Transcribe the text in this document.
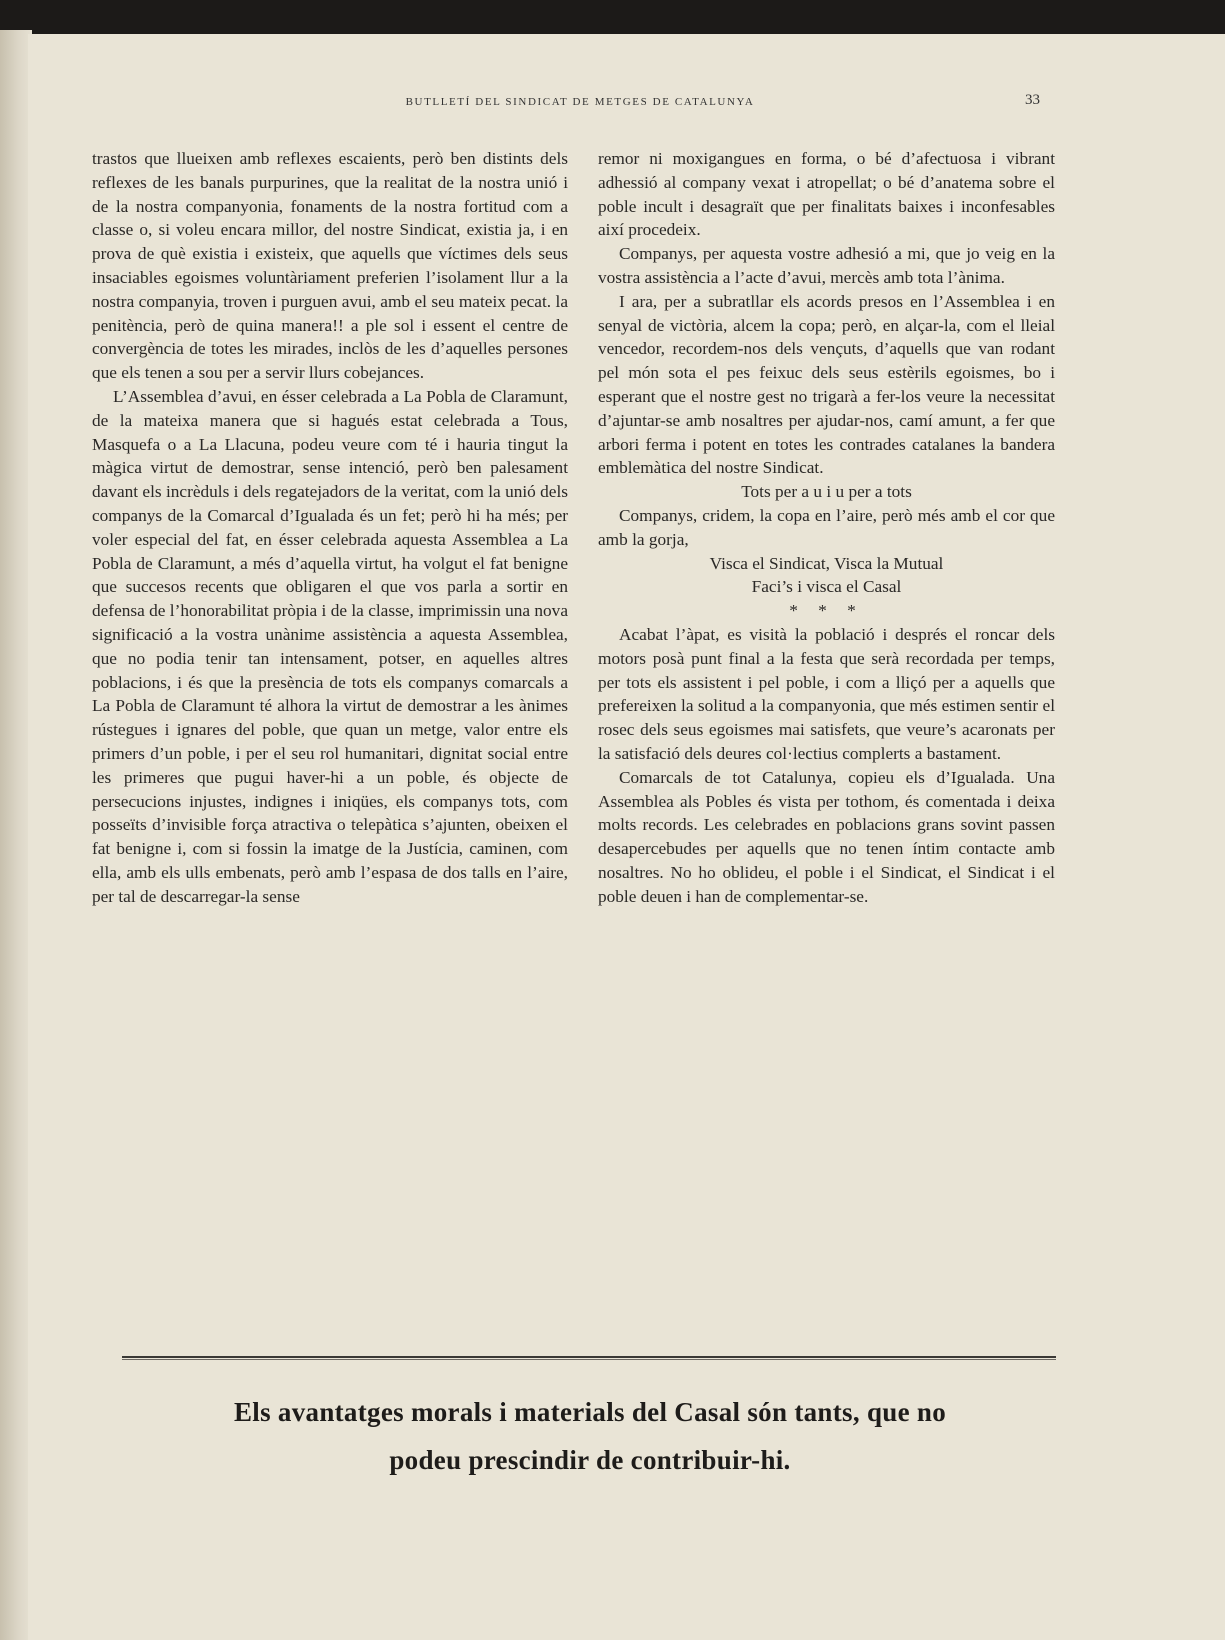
BUTLLETÍ DEL SINDICAT DE METGES DE CATALUNYA	33

trastos que llueixen amb reflexes escaients, però ben distints dels reflexes de les banals purpurines, que la realitat de la nostra unió i de la nostra companyonia, fonaments de la nostra fortitud com a classe o, si voleu encara millor, del nostre Sindicat, existia ja, i en prova de què existia i existeix, que aquells que víctimes dels seus insaciables egoismes voluntàriament preferien l’isolament llur a la nostra companyia, troven i purguen avui, amb el seu mateix pecat. la penitència, però de quina manera!! a ple sol i essent el centre de convergència de totes les mirades, inclòs de les d’aquelles persones que els tenen a sou per a servir llurs cobejances.

L’Assemblea d’avui, en ésser celebrada a La Pobla de Claramunt, de la mateixa manera que si hagués estat celebrada a Tous, Masquefa o a La Llacuna, podeu veure com té i hauria tingut la màgica virtut de demostrar, sense intenció, però ben palesament davant els incrèduls i dels regatejadors de la veritat, com la unió dels companys de la Comarcal d’Igualada és un fet; però hi ha més; per voler especial del fat, en ésser celebrada aquesta Assemblea a La Pobla de Claramunt, a més d’aquella virtut, ha volgut el fat benigne que succesos recents que obligaren el que vos parla a sortir en defensa de l’honorabilitat pròpia i de la classe, imprimissin una nova significació a la vostra unànime assistència a aquesta Assemblea, que no podia tenir tan intensament, potser, en aquelles altres poblacions, i és que la presència de tots els companys comarcals a La Pobla de Claramunt té alhora la virtut de demostrar a les ànimes rústegues i ignares del poble, que quan un metge, valor entre els primers d’un poble, i per el seu rol humanitari, dignitat social entre les primeres que pugui haver-hi a un poble, és objecte de persecucions injustes, indignes i iniqües, els companys tots, com posseïts d’invisible força atractiva o telepàtica s’ajunten, obeixen el fat benigne i, com si fossin la imatge de la Justícia, caminen, com ella, amb els ulls embenats, però amb l’espasa de dos talls en l’aire, per tal de descarregar-la sense

remor ni moxigangues en forma, o bé d’afectuosa i vibrant adhessió al company vexat i atropellat; o bé d’anatema sobre el poble incult i desagraït que per finalitats baixes i inconfesables així procedeix.

Companys, per aquesta vostre adhesió a mi, que jo veig en la vostra assistència a l’acte d’avui, mercès amb tota l’ànima.

I ara, per a subratllar els acords presos en l’Assemblea i en senyal de victòria, alcem la copa; però, en alçar-la, com el lleial vencedor, recordem-nos dels vençuts, d’aquells que van rodant pel món sota el pes feixuc dels seus estèrils egoismes, bo i esperant que el nostre gest no trigarà a fer-los veure la necessitat d’ajuntar-se amb nosaltres per ajudar-nos, camí amunt, a fer que arbori ferma i potent en totes les contrades catalanes la bandera emblemàtica del nostre Sindicat.

Tots per a u i u per a tots

Companys, cridem, la copa en l’aire, però més amb el cor que amb la gorja,

Visca el Sindicat, Visca la Mutual

Faci’s i visca el Casal

* * *

Acabat l’àpat, es visità la població i després el roncar dels motors posà punt final a la festa que serà recordada per temps, per tots els assistent i pel poble, i com a lliçó per a aquells que prefereixen la solitud a la companyonia, que més estimen sentir el rosec dels seus egoismes mai satisfets, que veure’s acaronats per la satisfació dels deures col·lectius complerts a bastament.

Comarcals de tot Catalunya, copieu els d’Igualada. Una Assemblea als Pobles és vista per tothom, és comentada i deixa molts records. Les celebrades en poblacions grans sovint passen desapercebudes per aquells que no tenen íntim contacte amb nosaltres. No ho oblideu, el poble i el Sindicat, el Sindicat i el poble deuen i han de complementar-se.

Els avantatges morals i materials del Casal són tants, que no
podeu prescindir de contribuir-hi.
